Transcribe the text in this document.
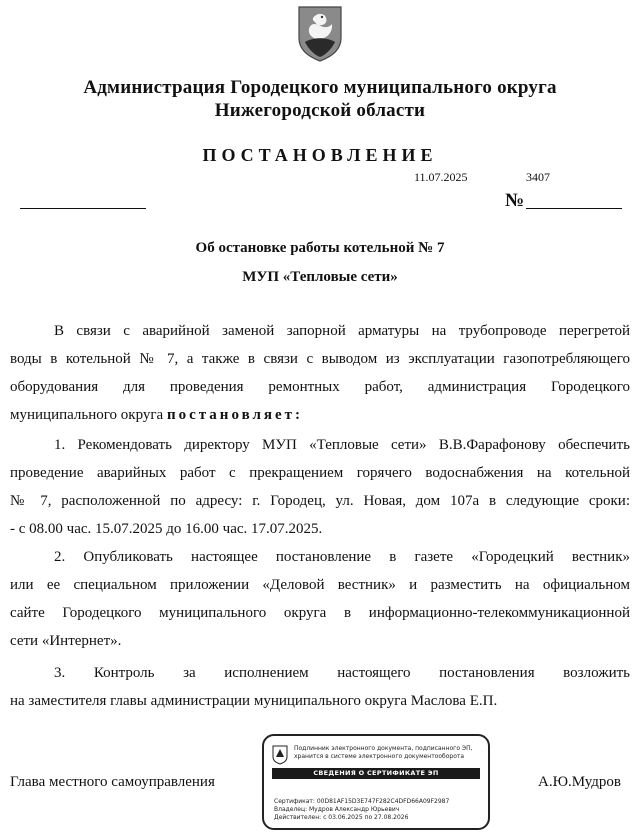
Администрация Городецкого муниципального округа
Нижегородской области
ПОСТАНОВЛЕНИЕ
11.07.2025	3407
№
Об остановке работы котельной № 7
МУП «Тепловые сети»
В связи с аварийной заменой запорной арматуры на трубопроводе перегретой
воды в котельной № 7, а также в связи с выводом из эксплуатации газопотребляющего
оборудования для проведения ремонтных работ, администрация Городецкого
муниципального округа постановляет:
1. Рекомендовать директору МУП «Тепловые сети» В.В.Фарафонову обеспечить
проведение аварийных работ с прекращением горячего водоснабжения на котельной
№ 7, расположенной по адресу: г. Городец, ул. Новая, дом 107а в следующие сроки:
- с 08.00 час. 15.07.2025 до 16.00 час. 17.07.2025.
2. Опубликовать настоящее постановление в газете «Городецкий вестник»
или ее специальном приложении «Деловой вестник» и разместить на официальном
сайте Городецкого муниципального округа в информационно-телекоммуникационной
сети «Интернет».
3. Контроль за исполнением настоящего постановления возложить
на заместителя главы администрации муниципального округа Маслова Е.П.
Глава местного самоуправления	А.Ю.Мудров
Подлинник электронного документа, подписанного ЭП,
хранится в системе электронного документооборота
СВЕДЕНИЯ О СЕРТИФИКАТЕ ЭП
Сертификат: 00D81AF15D3E747F282C4DFD66A09F2987
Владелец: Мудров Александр Юрьевич
Действителен: с 03.06.2025 по 27.08.2026
